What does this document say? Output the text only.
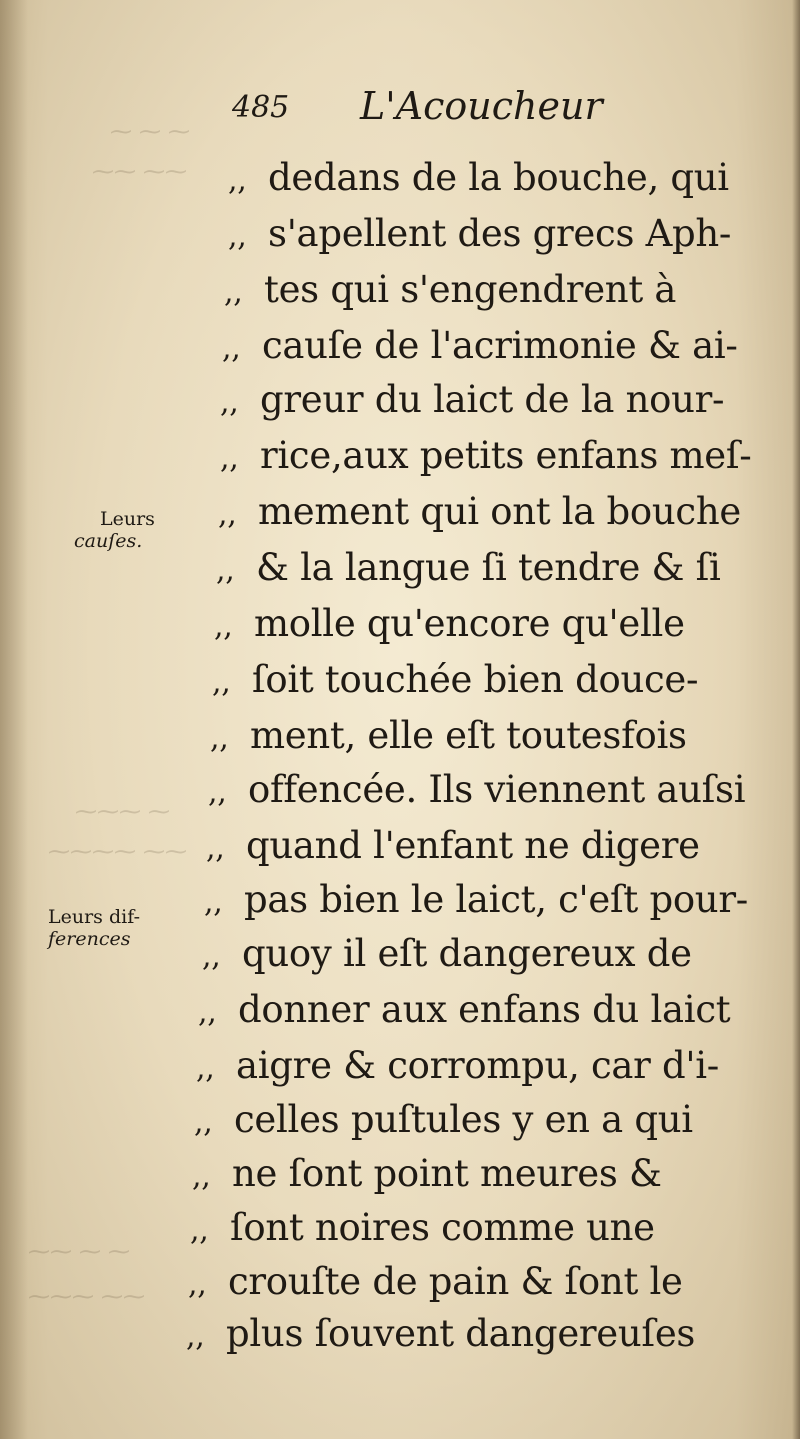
⁓ ⁓ ⁓
⁓⁓ ⁓⁓
⁓⁓⁓ ⁓
⁓⁓⁓⁓ ⁓⁓
⁓⁓ ⁓ ⁓
⁓⁓⁓ ⁓⁓
485 L'Acoucheur
,, dedans de la bouche, qui
,, s'apellent des grecs Aph-
,, tes qui s'engendrent à
,, cauſe de l'acrimonie & ai-
,, greur du laict de la nour-
,, rice,aux petits enfans meſ-
,, mement qui ont la bouche
,, & la langue ſi tendre & ſi
,, molle qu'encore qu'elle
,, ſoit touchée bien douce-
,, ment, elle eſt toutesfois
,, offencée. Ils viennent auſsi
,, quand l'enfant ne digere
,, pas bien le laict, c'eſt pour-
,, quoy il eſt dangereux de
,, donner aux enfans du laict
,, aigre & corrompu, car d'i-
,, celles puſtules y en a qui
,, ne ſont point meures &
,, ſont noires comme une
,, crouſte de pain & ſont le
,, plus ſouvent dangereuſes
Leurs
cauſes.
Leurs dif-
ferences
